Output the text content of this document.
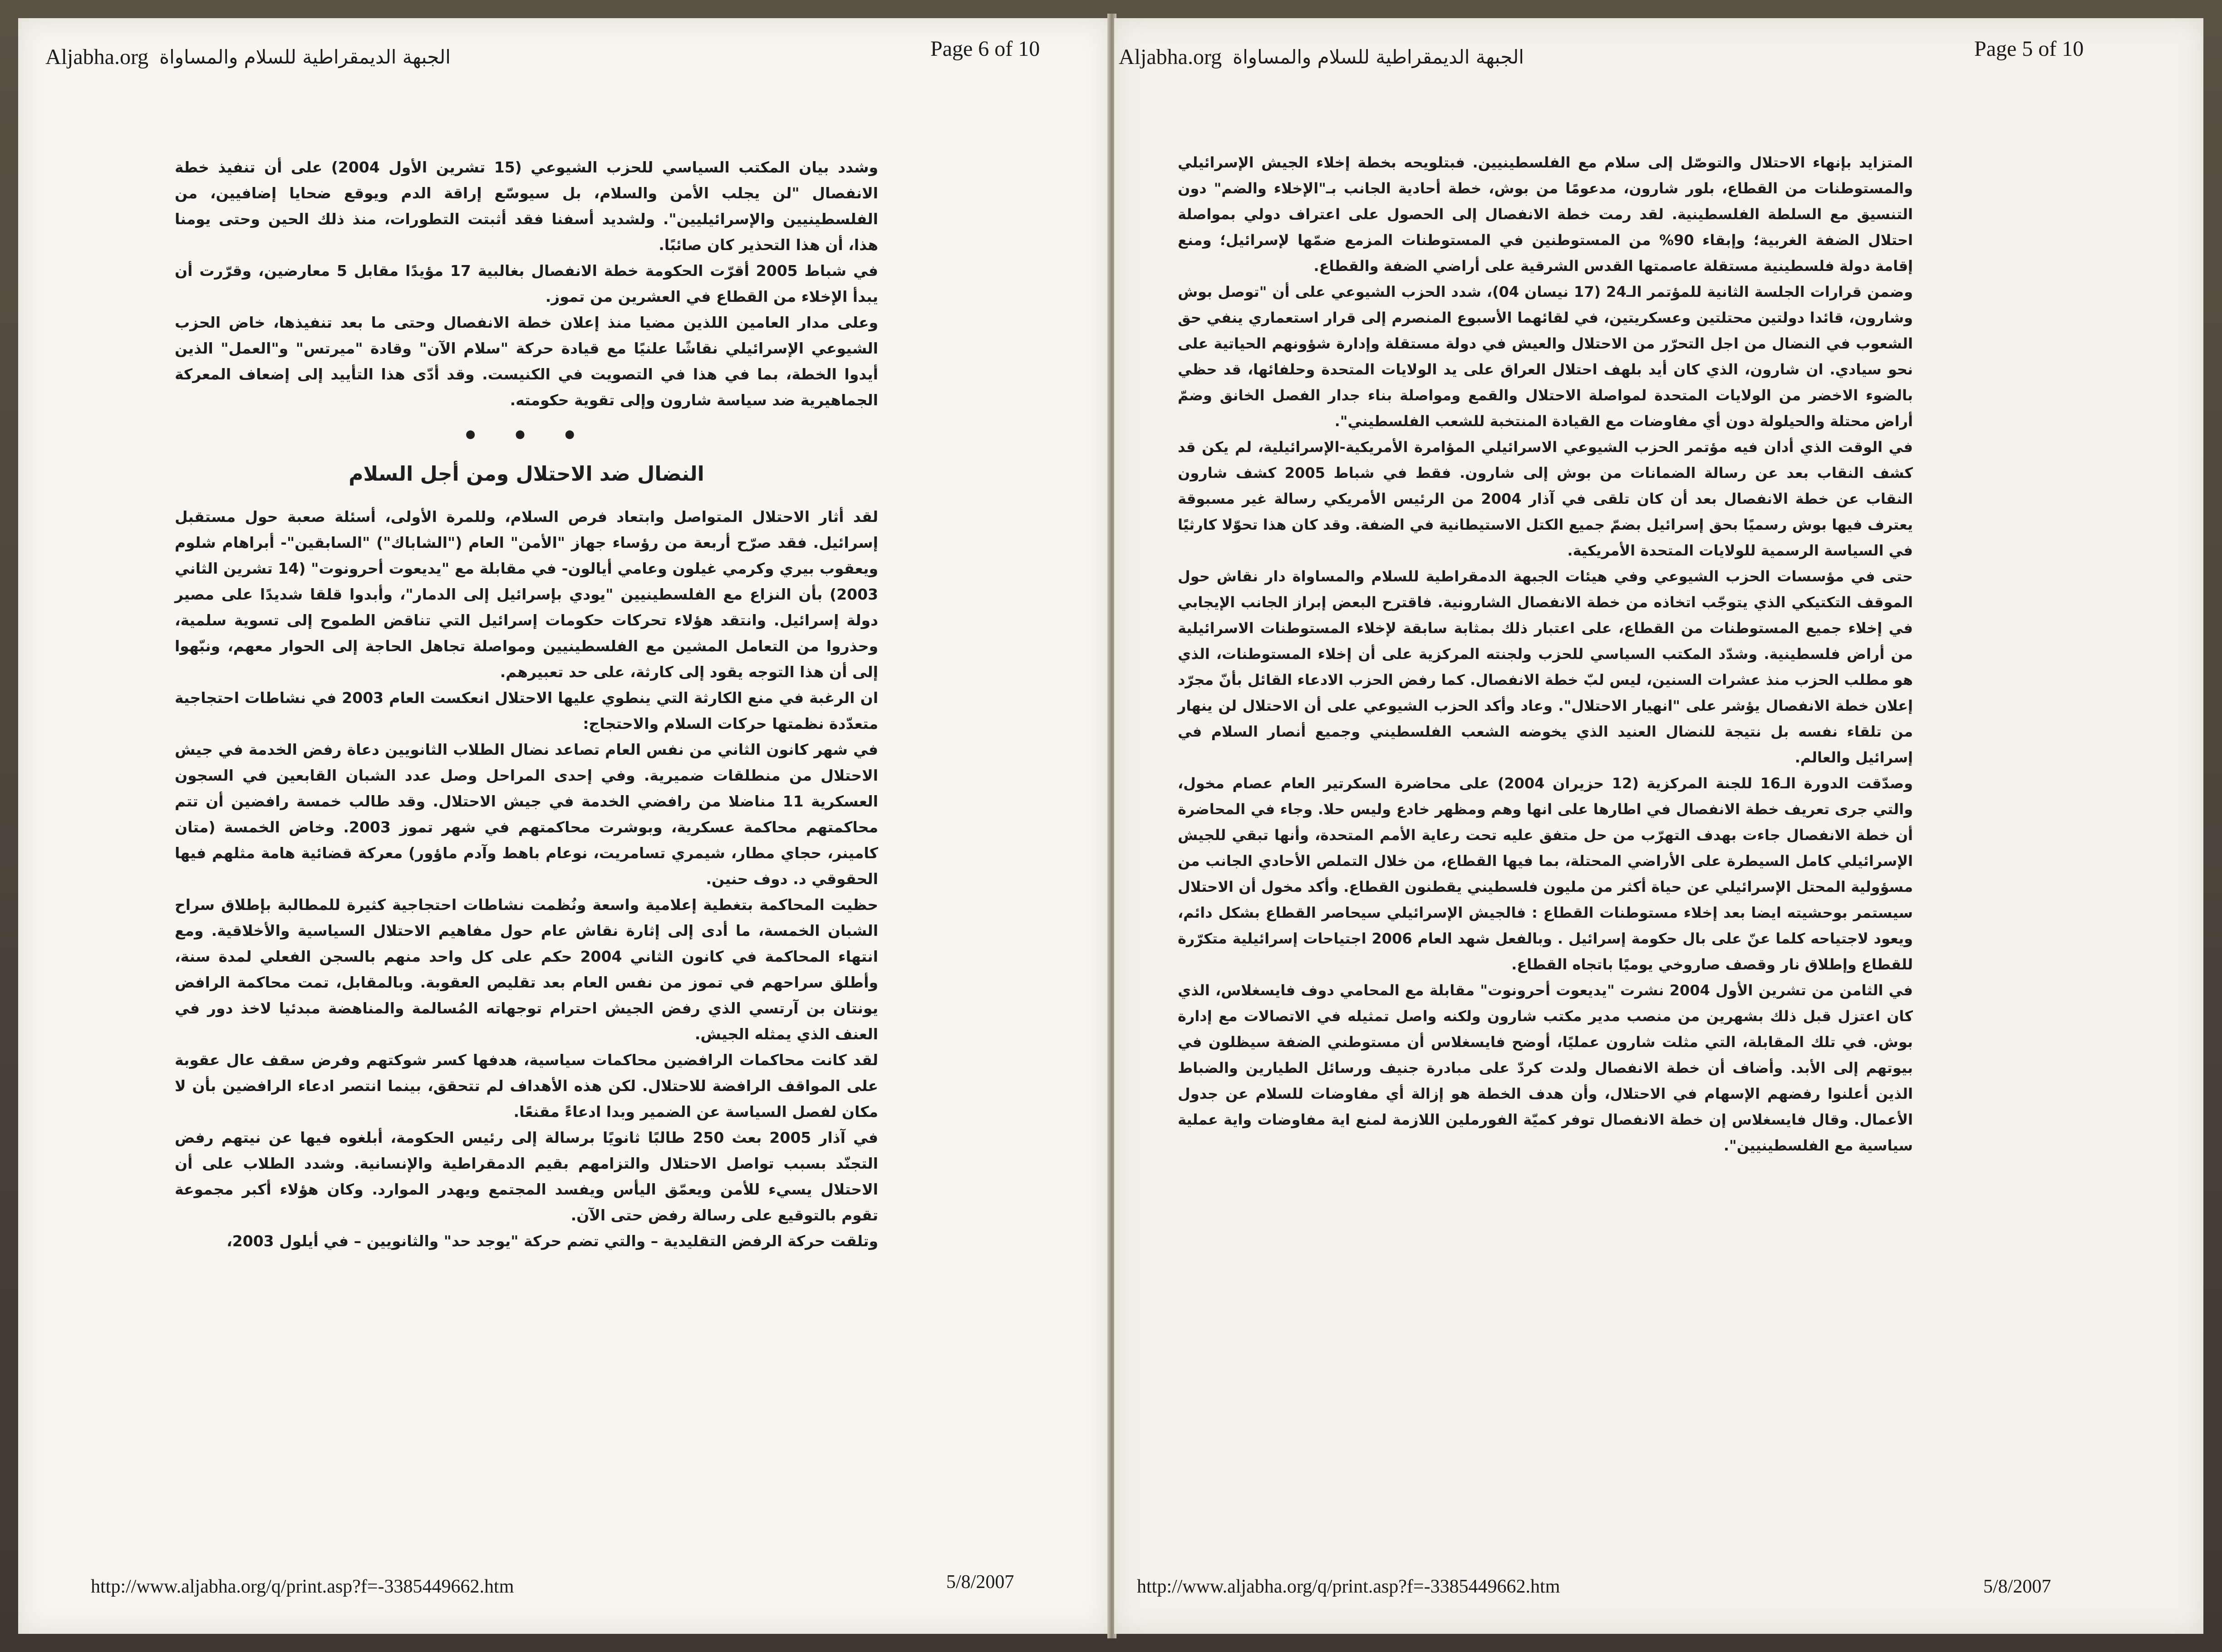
Aljabha.org الجبهة الديمقراطية للسلام والمساواة	Page 6 of 10

وشدد بيان المكتب السياسي للحزب الشيوعي (15 تشرين الأول 2004) على أن تنفيذ خطة الانفصال "لن يجلب الأمن والسلام، بل سيوسّع إراقة الدم ويوقع ضحايا إضافيين، من الفلسطينيين والإسرائيليين". ولشديد أسفنا فقد أثبتت التطورات، منذ ذلك الحين وحتى يومنا هذا، أن هذا التحذير كان صائبًا.

في شباط 2005 أقرّت الحكومة خطة الانفصال بغالبية 17 مؤيدًا مقابل 5 معارضين، وقرّرت أن يبدأ الإخلاء من القطاع في العشرين من تموز.

وعلى مدار العامين اللذين مضيا منذ إعلان خطة الانفصال وحتى ما بعد تنفيذها، خاض الحزب الشيوعي الإسرائيلي نقاشًا علنيًا مع قيادة حركة "سلام الآن" وقادة "ميرتس" و"العمل" الذين أيدوا الخطة، بما في هذا في التصويت في الكنيست. وقد أدّى هذا التأييد إلى إضعاف المعركة الجماهيرية ضد سياسة شارون وإلى تقوية حكومته.

• • •
النضال ضد الاحتلال ومن أجل السلام

لقد أثار الاحتلال المتواصل وابتعاد فرص السلام، وللمرة الأولى، أسئلة صعبة حول مستقبل إسرائيل. فقد صرّح أربعة من رؤساء جهاز "الأمن" العام ("الشاباك") "السابقين"- أبراهام شلوم ويعقوب بيري وكرمي غيلون وعامي أيالون- في مقابلة مع "يديعوت أحرونوت" (14 تشرين الثاني 2003) بأن النزاع مع الفلسطينيين "يودي بإسرائيل إلى الدمار"، وأبدوا قلقا شديدًا على مصير دولة إسرائيل. وانتقد هؤلاء تحركات حكومات إسرائيل التي تناقض الطموح إلى تسوية سلمية، وحذروا من التعامل المشين مع الفلسطينيين ومواصلة تجاهل الحاجة إلى الحوار معهم، ونبّهوا إلى أن هذا التوجه يقود إلى كارثة، على حد تعبيرهم.

ان الرغبة في منع الكارثة التي ينطوي عليها الاحتلال انعكست العام 2003 في نشاطات احتجاجية متعدّدة نظمتها حركات السلام والاحتجاج:

في شهر كانون الثاني من نفس العام تصاعد نضال الطلاب الثانويين دعاة رفض الخدمة في جيش الاحتلال من منطلقات ضميرية. وفي إحدى المراحل وصل عدد الشبان القابعين في السجون العسكرية 11 مناضلا من رافضي الخدمة في جيش الاحتلال. وقد طالب خمسة رافضين أن تتم محاكمتهم محاكمة عسكرية، وبوشرت محاكمتهم في شهر تموز 2003. وخاض الخمسة (متان كامينر، حجاي مطار، شيمري تسامريت، نوعام باهط وآدم ماؤور) معركة قضائية هامة مثلهم فيها الحقوقي د. دوف حنين.

حظيت المحاكمة بتغطية إعلامية واسعة ونُظمت نشاطات احتجاجية كثيرة للمطالبة بإطلاق سراح الشبان الخمسة، ما أدى إلى إثارة نقاش عام حول مفاهيم الاحتلال السياسية والأخلاقية. ومع انتهاء المحاكمة في كانون الثاني 2004 حكم على كل واحد منهم بالسجن الفعلي لمدة سنة، وأطلق سراحهم في تموز من نفس العام بعد تقليص العقوبة. وبالمقابل، تمت محاكمة الرافض يونتان بن آرتسي الذي رفض الجيش احترام توجهاته المُسالمة والمناهضة مبدئيا لاخذ دور في العنف الذي يمثله الجيش.

لقد كانت محاكمات الرافضين محاكمات سياسية، هدفها كسر شوكتهم وفرض سقف عال عقوبة على المواقف الرافضة للاحتلال. لكن هذه الأهداف لم تتحقق، بينما انتصر ادعاء الرافضين بأن لا مكان لفصل السياسة عن الضمير وبدا ادعاءً مقنعًا.

في آذار 2005 بعث 250 طالبًا ثانويًا برسالة إلى رئيس الحكومة، أبلغوه فيها عن نيتهم رفض التجنّد بسبب تواصل الاحتلال والتزامهم بقيم الدمقراطية والإنسانية. وشدد الطلاب على أن الاحتلال يسيء للأمن ويعمّق اليأس ويفسد المجتمع ويهدر الموارد. وكان هؤلاء أكبر مجموعة تقوم بالتوقيع على رسالة رفض حتى الآن.

وتلقت حركة الرفض التقليدية – والتي تضم حركة "يوجد حد" والثانويين – في أيلول 2003،

http://www.aljabha.org/q/print.asp?f=-3385449662.htm	5/8/2007
Aljabha.org الجبهة الديمقراطية للسلام والمساواة	Page 5 of 10

المتزايد بإنهاء الاحتلال والتوصّل إلى سلام مع الفلسطينيين. فبتلويحه بخطة إخلاء الجيش الإسرائيلي والمستوطنات من القطاع، بلور شارون، مدعومًا من بوش، خطة أحادية الجانب بـ"الإخلاء والضم" دون التنسيق مع السلطة الفلسطينية. لقد رمت خطة الانفصال إلى الحصول على اعتراف دولي بمواصلة احتلال الضفة الغربية؛ وإبقاء 90% من المستوطنين في المستوطنات المزمع ضمّها لإسرائيل؛ ومنع إقامة دولة فلسطينية مستقلة عاصمتها القدس الشرقية على أراضي الضفة والقطاع.

وضمن قرارات الجلسة الثانية للمؤتمر الـ24 (17 نيسان 04)، شدد الحزب الشيوعي على أن "توصل بوش وشارون، قائدا دولتين محتلتين وعسكريتين، في لقائهما الأسبوع المنصرم إلى قرار استعماري ينفي حق الشعوب في النضال من اجل التحرّر من الاحتلال والعيش في دولة مستقلة وإدارة شؤونهم الحياتية على نحو سيادي. ان شارون، الذي كان أيد بلهف احتلال العراق على يد الولايات المتحدة وحلفائها، قد حظي بالضوء الاخضر من الولايات المتحدة لمواصلة الاحتلال والقمع ومواصلة بناء جدار الفصل الخانق وضمّ أراض محتلة والحيلولة دون أي مفاوضات مع القيادة المنتخبة للشعب الفلسطيني".

في الوقت الذي أدان فيه مؤتمر الحزب الشيوعي الاسرائيلي المؤامرة الأمريكية-الإسرائيلية، لم يكن قد كشف النقاب بعد عن رسالة الضمانات من بوش إلى شارون. فقط في شباط 2005 كشف شارون النقاب عن خطة الانفصال بعد أن كان تلقى في آذار 2004 من الرئيس الأمريكي رسالة غير مسبوقة يعترف فيها بوش رسميًا بحق إسرائيل بضمّ جميع الكتل الاستيطانية في الضفة. وقد كان هذا تحوّلا كارثيًا في السياسة الرسمية للولايات المتحدة الأمريكية.

حتى في مؤسسات الحزب الشيوعي وفي هيئات الجبهة الدمقراطية للسلام والمساواة دار نقاش حول الموقف التكتيكي الذي يتوجّب اتخاذه من خطة الانفصال الشارونية. فاقترح البعض إبراز الجانب الإيجابي في إخلاء جميع المستوطنات من القطاع، على اعتبار ذلك بمثابة سابقة لإخلاء المستوطنات الاسرائيلية من أراض فلسطينية. وشدّد المكتب السياسي للحزب ولجنته المركزية على أن إخلاء المستوطنات، الذي هو مطلب الحزب منذ عشرات السنين، ليس لبّ خطة الانفصال. كما رفض الحزب الادعاء القائل بأنّ مجرّد إعلان خطة الانفصال يؤشر على "انهيار الاحتلال". وعاد وأكد الحزب الشيوعي على أن الاحتلال لن ينهار من تلقاء نفسه بل نتيجة للنضال العنيد الذي يخوضه الشعب الفلسطيني وجميع أنصار السلام في إسرائيل والعالم.

وصدّقت الدورة الـ16 للجنة المركزية (12 حزيران 2004) على محاضرة السكرتير العام عصام مخول، والتي جرى تعريف خطة الانفصال في اطارها على انها وهم ومظهر خادع وليس حلا. وجاء في المحاضرة أن خطة الانفصال جاءت بهدف التهرّب من حل متفق عليه تحت رعاية الأمم المتحدة، وأنها تبقي للجيش الإسرائيلي كامل السيطرة على الأراضي المحتلة، بما فيها القطاع، من خلال التملص الأحادي الجانب من مسؤولية المحتل الإسرائيلي عن حياة أكثر من مليون فلسطيني يقطنون القطاع. وأكد مخول أن الاحتلال سيستمر بوحشيته ايضا بعد إخلاء مستوطنات القطاع : فالجيش الإسرائيلي سيحاصر القطاع بشكل دائم، ويعود لاجتياحه كلما عنّ على بال حكومة إسرائيل . وبالفعل شهد العام 2006 اجتياحات إسرائيلية متكرّرة للقطاع وإطلاق نار وقصف صاروخي يوميًا باتجاه القطاع.

في الثامن من تشرين الأول 2004 نشرت "يديعوت أحرونوت" مقابلة مع المحامي دوف فايسغلاس، الذي كان اعتزل قبل ذلك بشهرين من منصب مدير مكتب شارون ولكنه واصل تمثيله في الاتصالات مع إدارة بوش. في تلك المقابلة، التي مثلت شارون عمليًا، أوضح فايسغلاس أن مستوطني الضفة سيظلون في بيوتهم إلى الأبد. وأضاف أن خطة الانفصال ولدت كردّ على مبادرة جنيف ورسائل الطيارين والضباط الذين أعلنوا رفضهم الإسهام في الاحتلال، وأن هدف الخطة هو إزالة أي مفاوضات للسلام عن جدول الأعمال. وقال فايسغلاس إن خطة الانفصال توفر كميّة الفورملين اللازمة لمنع اية مفاوضات واية عملية سياسية مع الفلسطينيين".

http://www.aljabha.org/q/print.asp?f=-3385449662.htm	5/8/2007
